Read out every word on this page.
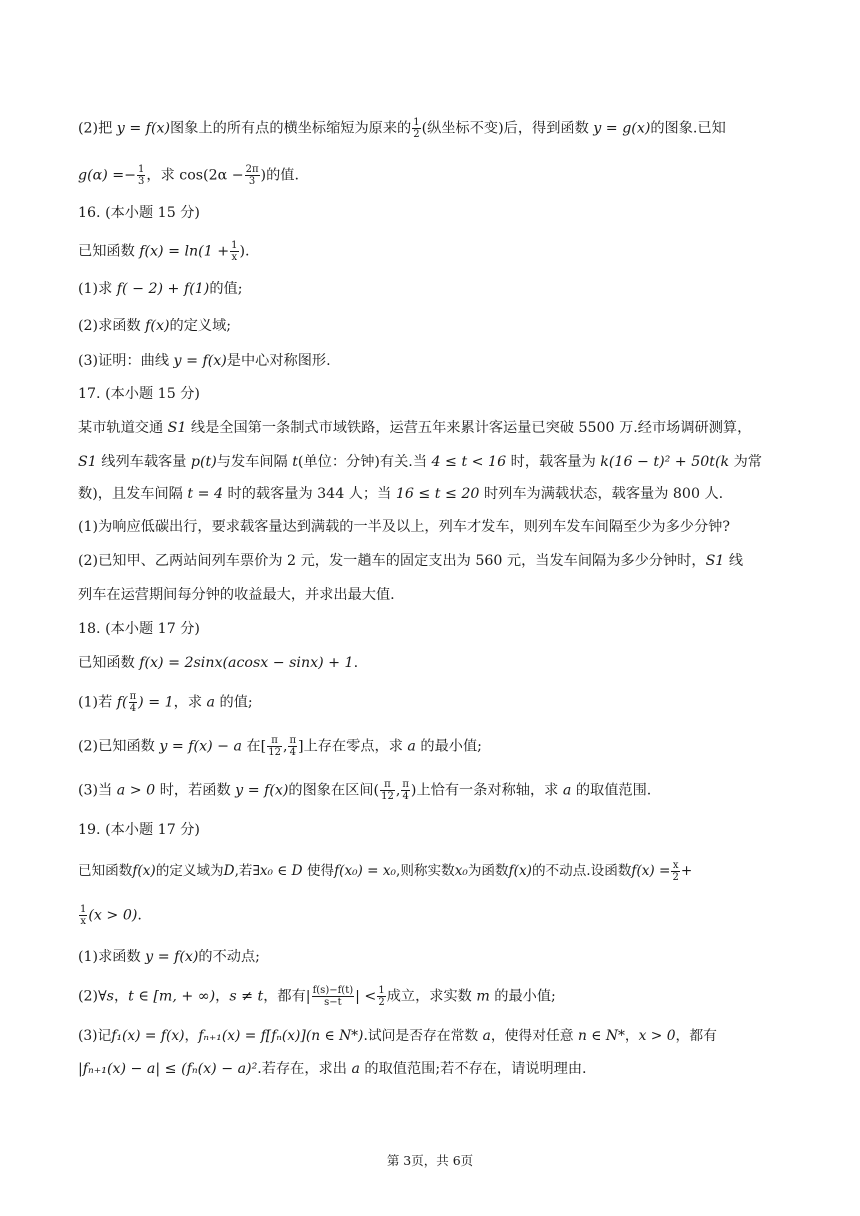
(2)把 y = f(x)图象上的所有点的横坐标缩短为原来的 $\frac{1}{2}$ (纵坐标不变)后，得到函数 y = g(x)的图象.已知
$g(\alpha) =- \frac{1}{3}$ ，求 $\cos(2\alpha - \frac{2\pi}{3}$ )的值.
16. (本小题 15 分)
已知函数 $f(x) = \ln(1 + \frac{1}{x}$ ).
(1)求 f( − 2) + f(1)的值;
(2)求函数 f(x)的定义域;
(3)证明：曲线 y = f(x)是中心对称图形.
17. (本小题 15 分)
某市轨道交通 S1 线是全国第一条制式市域铁路，运营五年来累计客运量已突破 5500 万.经市场调研测算，
S1 线列车载客量 p(t)与发车间隔 t(单位：分钟)有关.当 4 ≤ t < 16 时，载客量为 k(16 − t)² + 50t(k 为常
数)，且发车间隔 t = 4 时的载客量为 344 人；当 16 ≤ t ≤ 20 时列车为满载状态，载客量为 800 人.
(1)为响应低碳出行，要求载客量达到满载的一半及以上，列车才发车，则列车发车间隔至少为多少分钟?
(2)已知甲、乙两站间列车票价为 2 元，发一趟车的固定支出为 560 元，当发车间隔为多少分钟时，S1 线
列车在运营期间每分钟的收益最大，并求出最大值.
18. (本小题 17 分)
已知函数 f(x) = 2sinx(acosx − sinx) + 1.
(1)若 $f( \frac{\pi}{4}$ ) = 1，求 a 的值;
(2)已知函数 y = f(x) − a 在[ $\frac{\pi}{12}$ , $\frac{\pi}{4}$ ]上存在零点，求 a 的最小值;
(3)当 a > 0 时，若函数 y = f(x)的图象在区间( $\frac{\pi}{12}$ , $\frac{\pi}{4}$ )上恰有一条对称轴，求 a 的取值范围.
19. (本小题 17 分)
已知函数f(x)的定义域为D,若∃x₀ ∈ D 使得f(x₀) = x₀,则称实数x₀为函数f(x)的不动点.设函数$f(x) = \frac{x}{2}$ +
$\frac{1}{x} (x > 0)$.
(1)求函数 y = f(x)的不动点;
(2)∀s，t ∈ [m, + ∞)，s ≠ t，都有| $\frac{f(s)-f(t)}{s-t}$ | < $\frac{1}{2}$ 成立，求实数 m 的最小值;
(3)记f₁(x) = f(x)，fₙ₊₁(x) = f[fₙ(x)](n ∈ N*).试问是否存在常数 a，使得对任意 n ∈ N*，x > 0，都有
|fₙ₊₁(x) − a| ≤ (fₙ(x) − a)².若存在，求出 a 的取值范围;若不存在，请说明理由.
第 3页，共 6页
